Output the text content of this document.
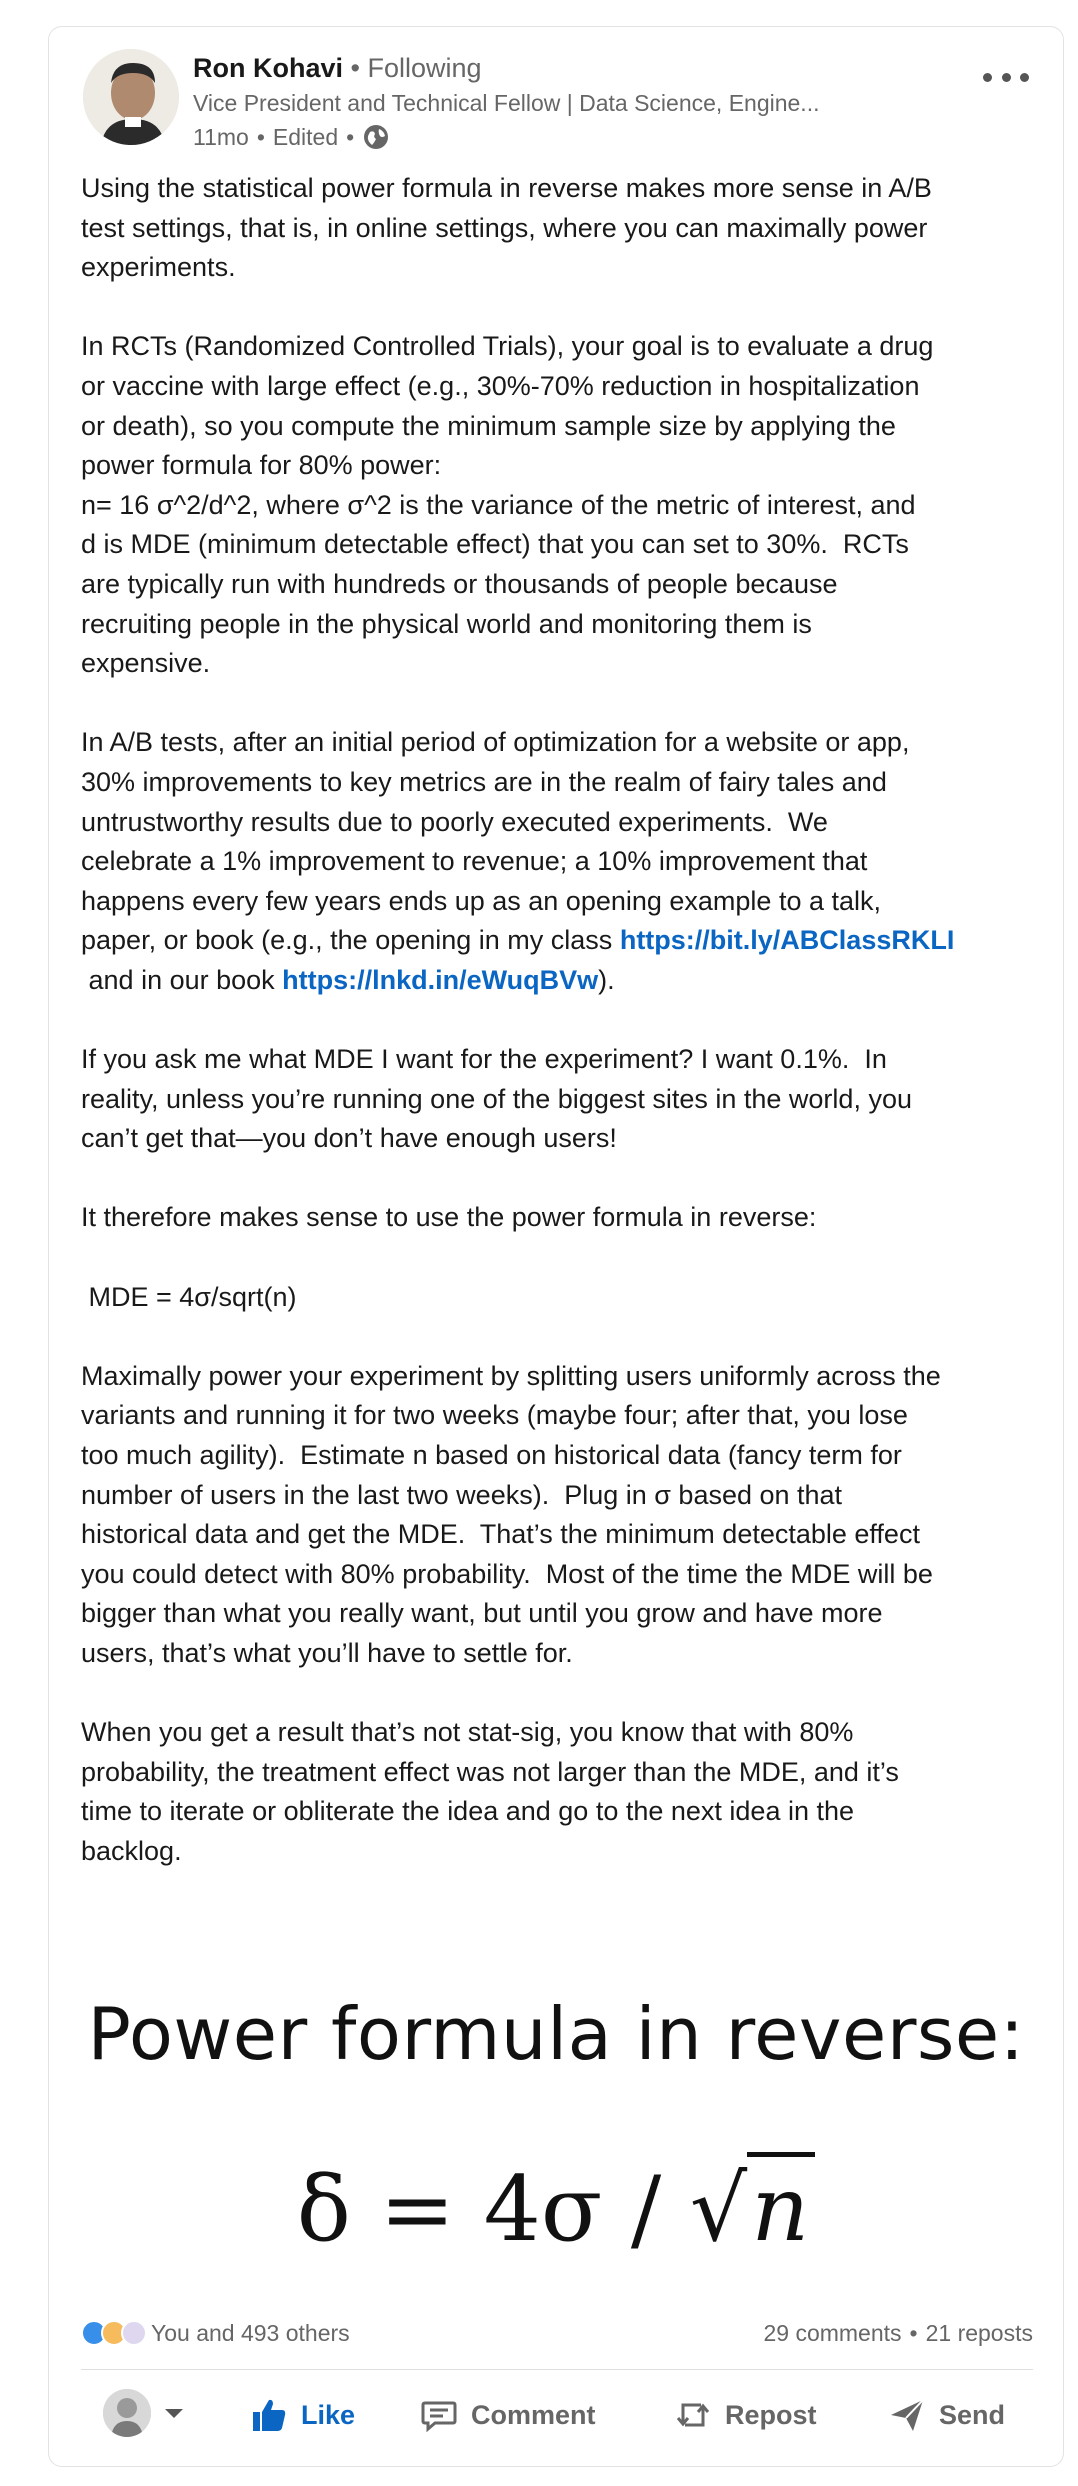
Ron Kohavi • Following
Vice President and Technical Fellow | Data Science, Engine...
11mo • Edited •

Using the statistical power formula in reverse makes more sense in A/B
test settings, that is, in online settings, where you can maximally power
experiments.

In RCTs (Randomized Controlled Trials), your goal is to evaluate a drug
or vaccine with large effect (e.g., 30%-70% reduction in hospitalization
or death), so you compute the minimum sample size by applying the
power formula for 80% power:
n= 16 σ^2/d^2, where σ^2 is the variance of the metric of interest, and
d is MDE (minimum detectable effect) that you can set to 30%.  RCTs
are typically run with hundreds or thousands of people because
recruiting people in the physical world and monitoring them is
expensive.

In A/B tests, after an initial period of optimization for a website or app,
30% improvements to key metrics are in the realm of fairy tales and
untrustworthy results due to poorly executed experiments.  We
celebrate a 1% improvement to revenue; a 10% improvement that
happens every few years ends up as an opening example to a talk,
paper, or book (e.g., the opening in my class https://bit.ly/ABClassRKLI
and in our book https://lnkd.in/eWuqBVw).

If you ask me what MDE I want for the experiment? I want 0.1%.  In
reality, unless you’re running one of the biggest sites in the world, you
can’t get that—you don’t have enough users!

It therefore makes sense to use the power formula in reverse:

MDE = 4σ/sqrt(n)

Maximally power your experiment by splitting users uniformly across the
variants and running it for two weeks (maybe four; after that, you lose
too much agility).  Estimate n based on historical data (fancy term for
number of users in the last two weeks).  Plug in σ based on that
historical data and get the MDE.  That’s the minimum detectable effect
you could detect with 80% probability.  Most of the time the MDE will be
bigger than what you really want, but until you grow and have more
users, that’s what you’ll have to settle for.

When you get a result that’s not stat-sig, you know that with 80%
probability, the treatment effect was not larger than the MDE, and it’s
time to iterate or obliterate the idea and go to the next idea in the
backlog.

Power formula in reverse:
δ = 4σ / √n
You and 493 others	29 comments • 21 reposts
Like	Comment	Repost	Send
